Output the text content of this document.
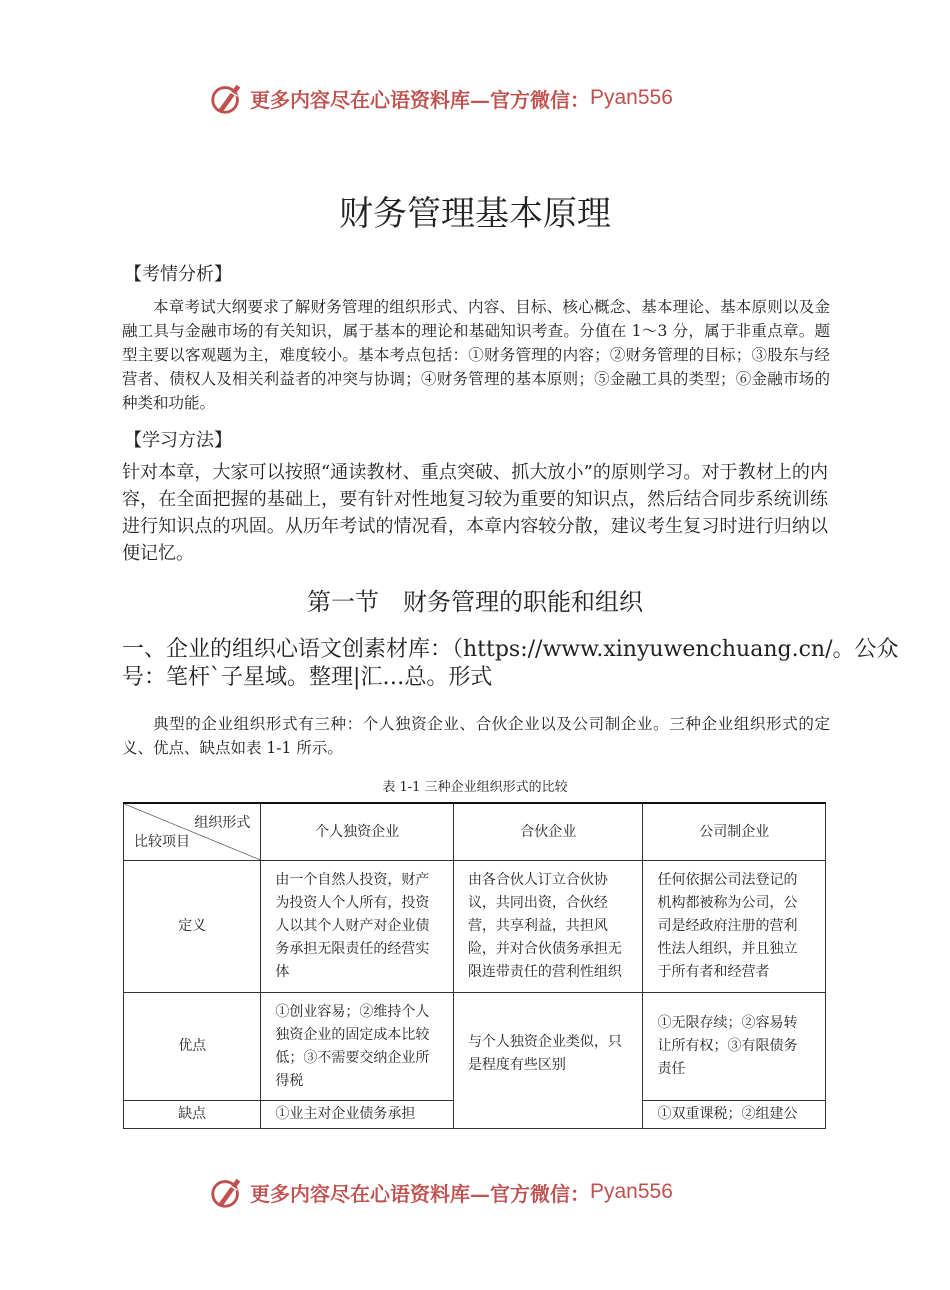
更多内容尽在心语资料库—官方微信： Pyan556
财务管理基本原理
【考情分析】
本章考试大纲要求了解财务管理的组织形式、内容、目标、核心概念、基本理论、基本原则以及金融工具与金融市场的有关知识，属于基本的理论和基础知识考查。分值在 1～3 分，属于非重点章。题型主要以客观题为主，难度较小。基本考点包括：①财务管理的内容；②财务管理的目标；③股东与经营者、债权人及相关利益者的冲突与协调；④财务管理的基本原则；⑤金融工具的类型；⑥金融市场的种类和功能。
【学习方法】
针对本章，大家可以按照“通读教材、重点突破、抓大放小”的原则学习。对于教材上的内容，在全面把握的基础上，要有针对性地复习较为重要的知识点，然后结合同步系统训练进行知识点的巩固。从历年考试的情况看，本章内容较分散，建议考生复习时进行归纳以便记忆。
第一节　财务管理的职能和组织
一、企业的组织心语文创素材库：（https://www.xinyuwenchuang.cn/。公众号：笔杆`子星域。整理|汇…总。形式
典型的企业组织形式有三种：个人独资企业、合伙企业以及公司制企业。三种企业组织形式的定义、优点、缺点如表 1-1 所示。
表 1-1 三种企业组织形式的比较
组织形式
比较项目	个人独资企业	合伙企业	公司制企业
定义	由一个自然人投资，财产为投资人个人所有，投资人以其个人财产对企业债务承担无限责任的经营实体	由各合伙人订立合伙协议，共同出资，合伙经营，共享利益，共担风险，并对合伙债务承担无限连带责任的营利性组织	任何依据公司法登记的机构都被称为公司，公司是经政府注册的营利性法人组织，并且独立于所有者和经营者
优点	①创业容易；②维持个人独资企业的固定成本比较低；③不需要交纳企业所得税	与个人独资企业类似，只是程度有些区别	①无限存续；②容易转让所有权；③有限债务责任
缺点	①业主对企业债务承担		①双重课税；②组建公
更多内容尽在心语资料库—官方微信： Pyan556
